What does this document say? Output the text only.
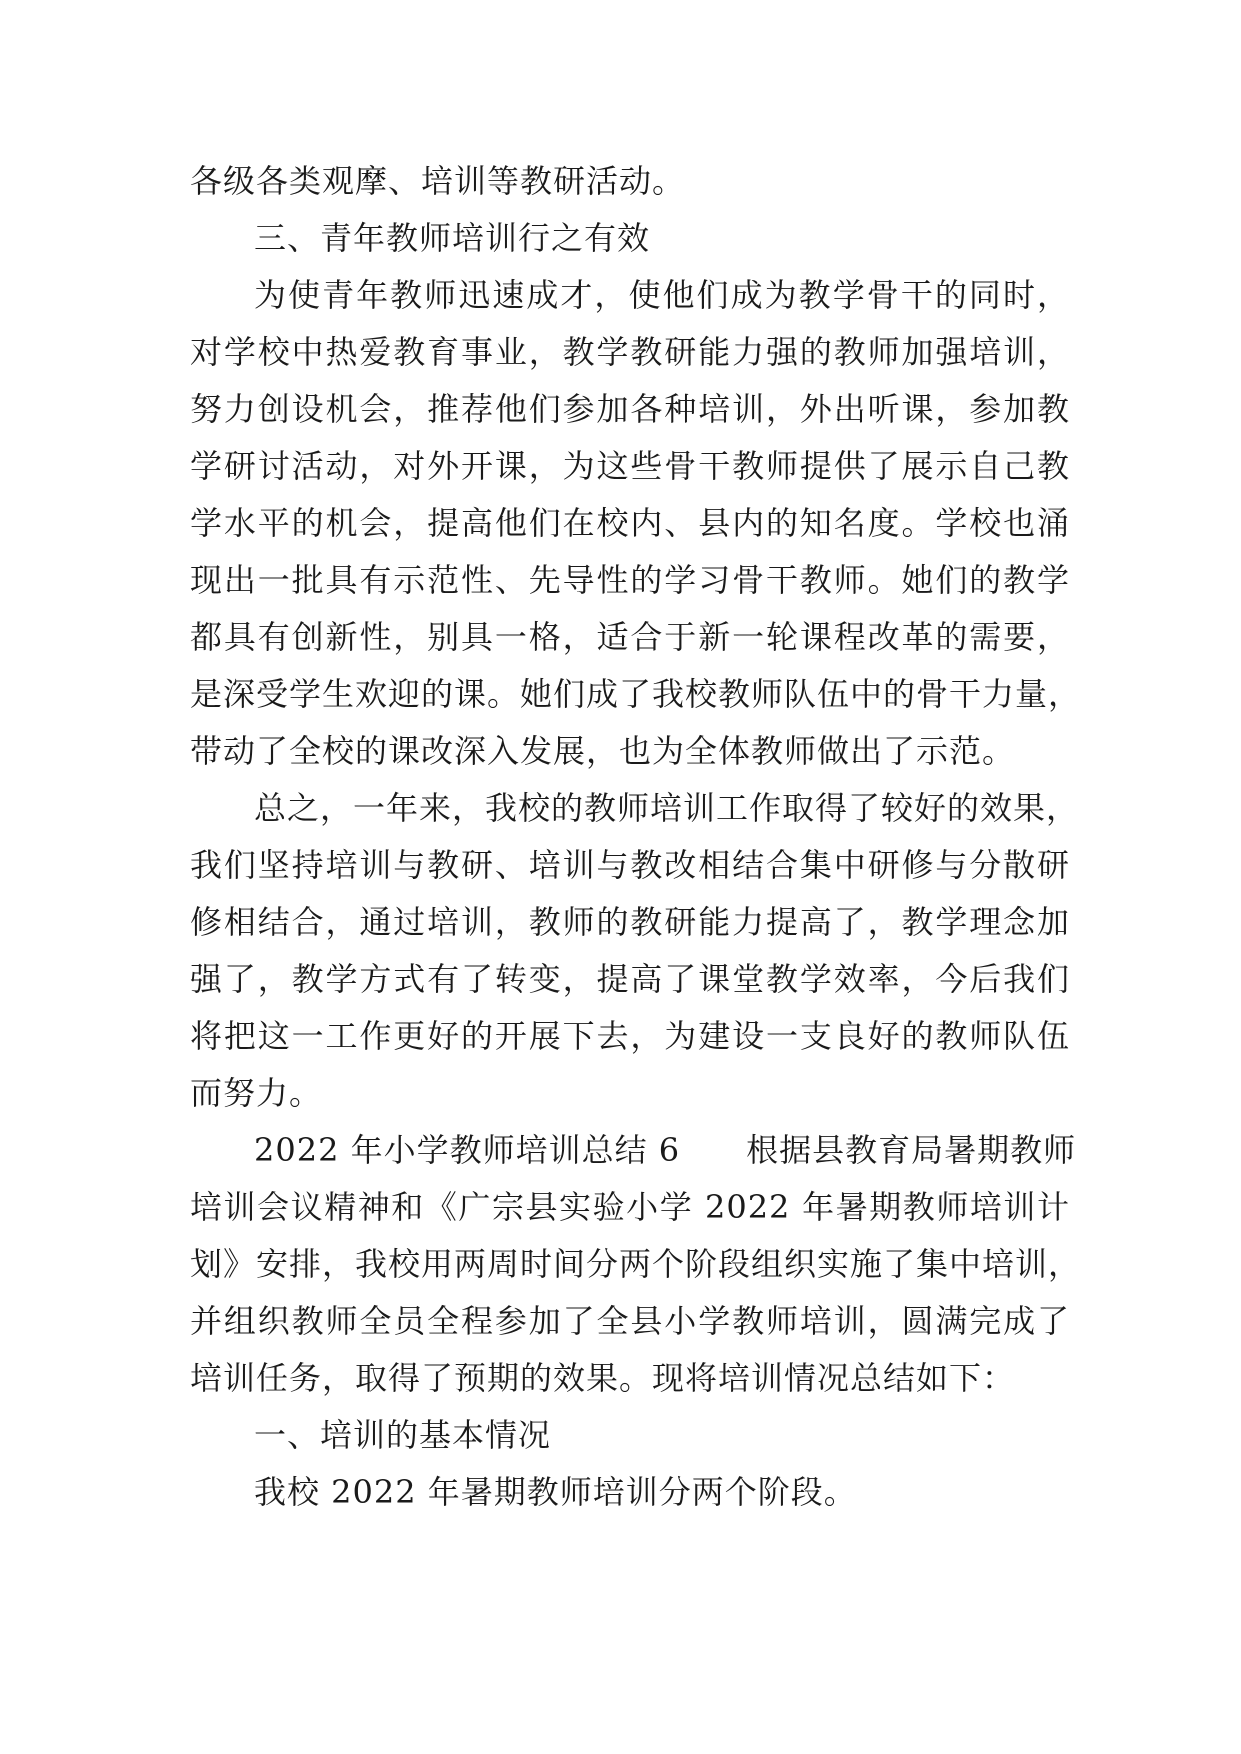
各级各类观摩、培训等教研活动。
三、青年教师培训行之有效
为使青年教师迅速成才，使他们成为教学骨干的同时，
对学校中热爱教育事业，教学教研能力强的教师加强培训，
努力创设机会，推荐他们参加各种培训，外出听课，参加教
学研讨活动，对外开课，为这些骨干教师提供了展示自己教
学水平的机会，提高他们在校内、县内的知名度。学校也涌
现出一批具有示范性、先导性的学习骨干教师。她们的教学
都具有创新性，别具一格，适合于新一轮课程改革的需要，
是深受学生欢迎的课。她们成了我校教师队伍中的骨干力量，
带动了全校的课改深入发展，也为全体教师做出了示范。
总之，一年来，我校的教师培训工作取得了较好的效果，
我们坚持培训与教研、培训与教改相结合集中研修与分散研
修相结合，通过培训，教师的教研能力提高了，教学理念加
强了，教学方式有了转变，提高了课堂教学效率，今后我们
将把这一工作更好的开展下去，为建设一支良好的教师队伍
而努力。
2022 年小学教师培训总结 6　　根据县教育局暑期教师
培训会议精神和《广宗县实验小学 2022 年暑期教师培训计
划》安排，我校用两周时间分两个阶段组织实施了集中培训，
并组织教师全员全程参加了全县小学教师培训，圆满完成了
培训任务，取得了预期的效果。现将培训情况总结如下：
一、培训的基本情况
我校 2022 年暑期教师培训分两个阶段。
